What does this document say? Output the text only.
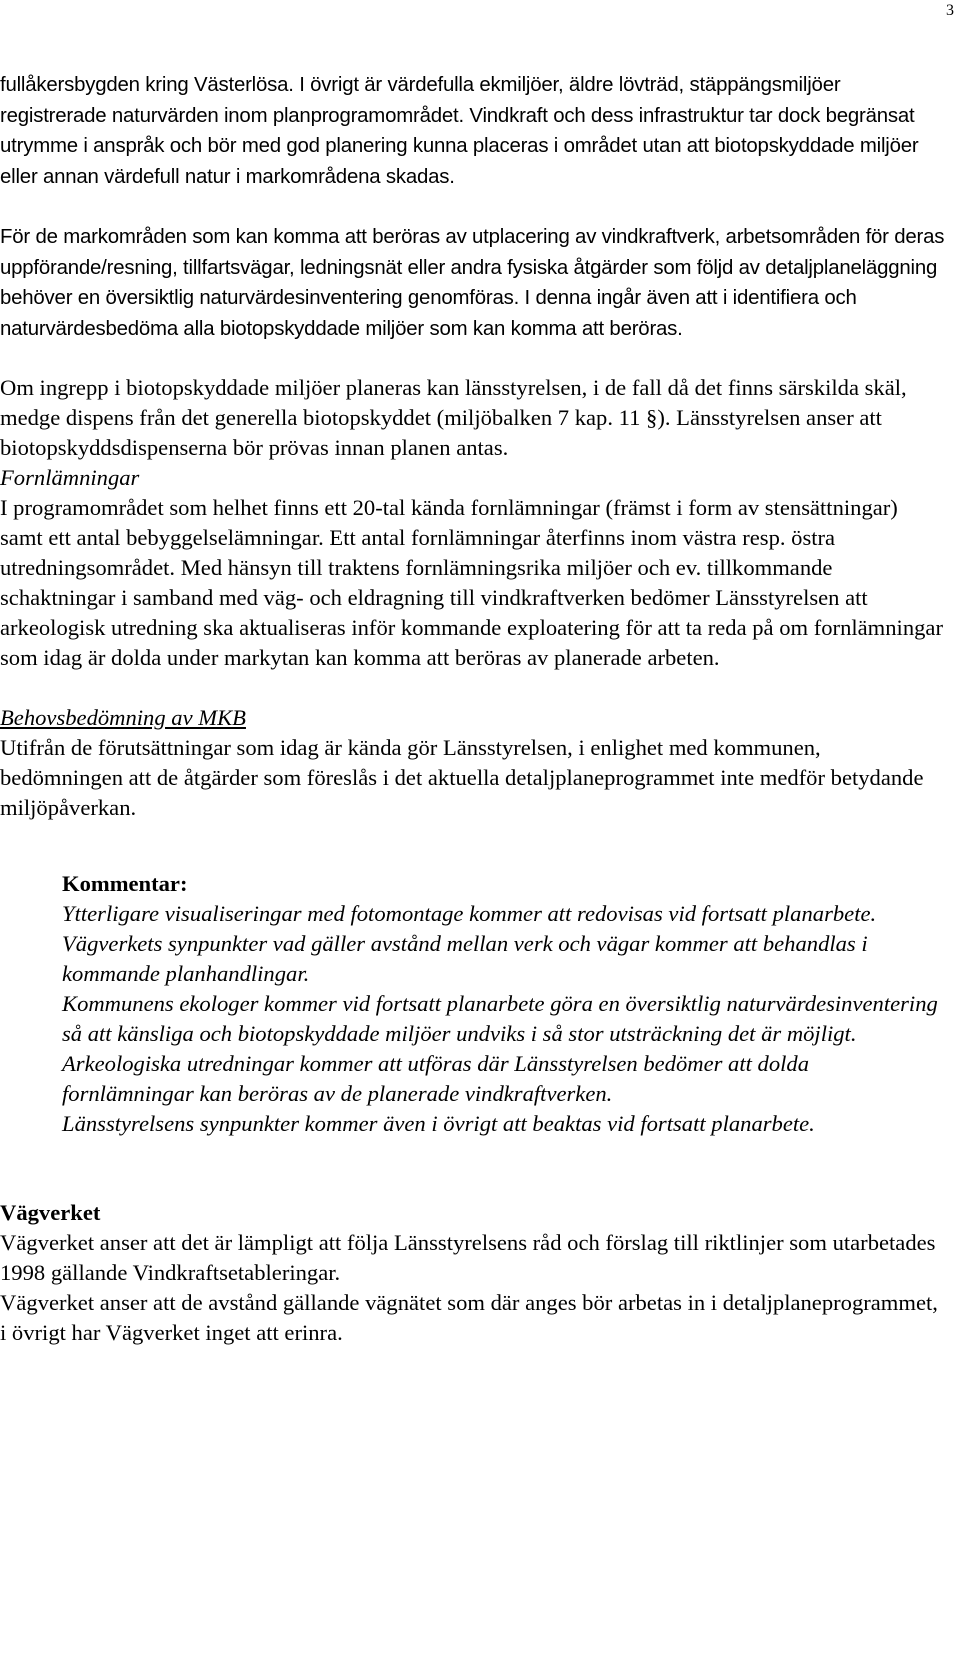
3

fullåkersbygden kring Västerlösa. I övrigt är värdefulla ekmiljöer, äldre lövträd, stäppängsmiljöer registrerade naturvärden inom planprogramområdet. Vindkraft och dess infrastruktur tar dock begränsat utrymme i anspråk och bör med god planering kunna placeras i området utan att biotopskyddade miljöer eller annan värdefull natur i markområdena skadas.

För de markområden som kan komma att beröras av utplacering av vindkraftverk, arbetsområden för deras uppförande/resning, tillfartsvägar, ledningsnät eller andra fysiska åtgärder som följd av detaljplaneläggning behöver en översiktlig naturvärdesinventering genomföras. I denna ingår även att i identifiera och naturvärdesbedöma alla biotopskyddade miljöer som kan komma att beröras.

Om ingrepp i biotopskyddade miljöer planeras kan länsstyrelsen, i de fall då det finns särskilda skäl, medge dispens från det generella biotopskyddet (miljöbalken 7 kap. 11 §). Länsstyrelsen anser att biotopskyddsdispenserna bör prövas innan planen antas.

Fornlämningar
I programområdet som helhet finns ett 20-tal kända fornlämningar (främst i form av stensättningar) samt ett antal bebyggelselämningar. Ett antal fornlämningar återfinns inom västra resp. östra utredningsområdet. Med hänsyn till traktens fornlämningsrika miljöer och ev. tillkommande schaktningar i samband med väg- och eldragning till vindkraftverken bedömer Länsstyrelsen att arkeologisk utredning ska aktualiseras inför kommande exploatering för att ta reda på om fornlämningar som idag är dolda under markytan kan komma att beröras av planerade arbeten.
Behovsbedömning av MKB
Utifrån de förutsättningar som idag är kända gör Länsstyrelsen, i enlighet med kommunen, bedömningen att de åtgärder som föreslås i det aktuella detaljplaneprogrammet inte medför betydande miljöpåverkan.
Kommentar:
Ytterligare visualiseringar med fotomontage kommer att redovisas vid fortsatt planarbete.
Vägverkets synpunkter vad gäller avstånd mellan verk och vägar kommer att behandlas i kommande planhandlingar.
Kommunens ekologer kommer vid fortsatt planarbete göra en översiktlig naturvärdesinventering så att känsliga och biotopskyddade miljöer undviks i så stor utsträckning det är möjligt.
Arkeologiska utredningar kommer att utföras där Länsstyrelsen bedömer att dolda fornlämningar kan beröras av de planerade vindkraftverken.
Länsstyrelsens synpunkter kommer även i övrigt att beaktas vid fortsatt planarbete.
Vägverket
Vägverket anser att det är lämpligt att följa Länsstyrelsens råd och förslag till riktlinjer som utarbetades 1998 gällande Vindkraftsetableringar.
Vägverket anser att de avstånd gällande vägnätet som där anges bör arbetas in i detaljplaneprogrammet, i övrigt har Vägverket inget att erinra.
